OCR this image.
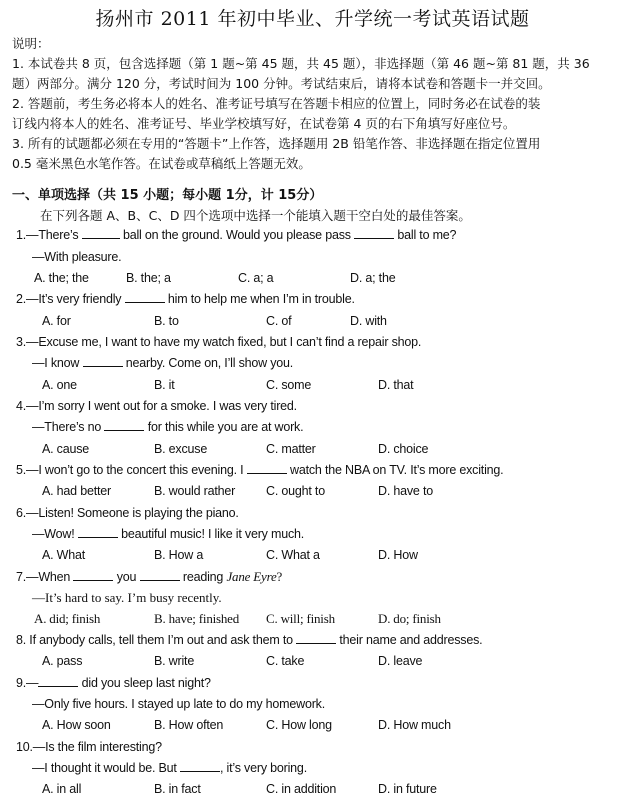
扬州市 2011 年初中毕业、升学统一考试英语试题
说明：
1. 本试卷共 8 页，包含选择题（第 1 题~第 45 题，共 45 题），非选择题（第 46 题~第 81 题，共 36
题）两部分。满分 120 分，考试时间为 100 分钟。考试结束后，请将本试卷和答题卡一并交回。
2. 答题前，考生务必将本人的姓名、准考证号填写在答题卡相应的位置上，同时务必在试卷的装
订线内将本人的姓名、准考证号、毕业学校填写好，在试卷第 4 页的右下角填写好座位号。
3. 所有的试题都必须在专用的“答题卡”上作答，选择题用 2B 铅笔作答、非选择题在指定位置用
0.5 毫米黑色水笔作答。在试卷或草稿纸上答题无效。
一、单项选择（共 15 小题；每小题 1分，计 15分）
在下列各题 A、B、C、D 四个选项中选择一个能填入题干空白处的最佳答案。
1.—There’s	ball on the ground. Would you please pass	ball to me?
—With pleasure.
A. the; the	B. the; a	C. a; a	D. a; the
2.—It’s very friendly	him to help me when I’m in trouble.
A. for	B. to	C. of	D. with
3.—Excuse me, I want to have my watch fixed, but I can’t find a repair shop.
—I know	nearby. Come on, I’ll show you.
A. one	B. it	C. some	D. that
4.—I’m sorry I went out for a smoke. I was very tired.
—There’s no	for this while you are at work.
A. cause	B. excuse	C. matter	D. choice
5.—I won’t go to the concert this evening. I	watch the NBA on TV. It’s more exciting.
A. had better	B. would rather C. ought to	D. have to
6.—Listen! Someone is playing the piano.
—Wow!	beautiful music! I like it very much.
A. What	B. How a	C. What a	D. How
7.—When	you	reading Jane Eyre?
—It’s hard to say. I’m busy recently.
A. did; finish	B. have; finished C. will; finish	D. do; finish
8. If anybody calls, tell them I’m out and ask them to	their name and addresses.
A. pass	B. write	C. take	D. leave
9.—	did you sleep last night?
—Only five hours. I stayed up late to do my homework.
A. How soon	B. How often	C. How long	D. How much
10.—Is the film interesting?
—I thought it would be. But	, it’s very boring.
A. in all	B. in fact	C. in addition	D. in future
